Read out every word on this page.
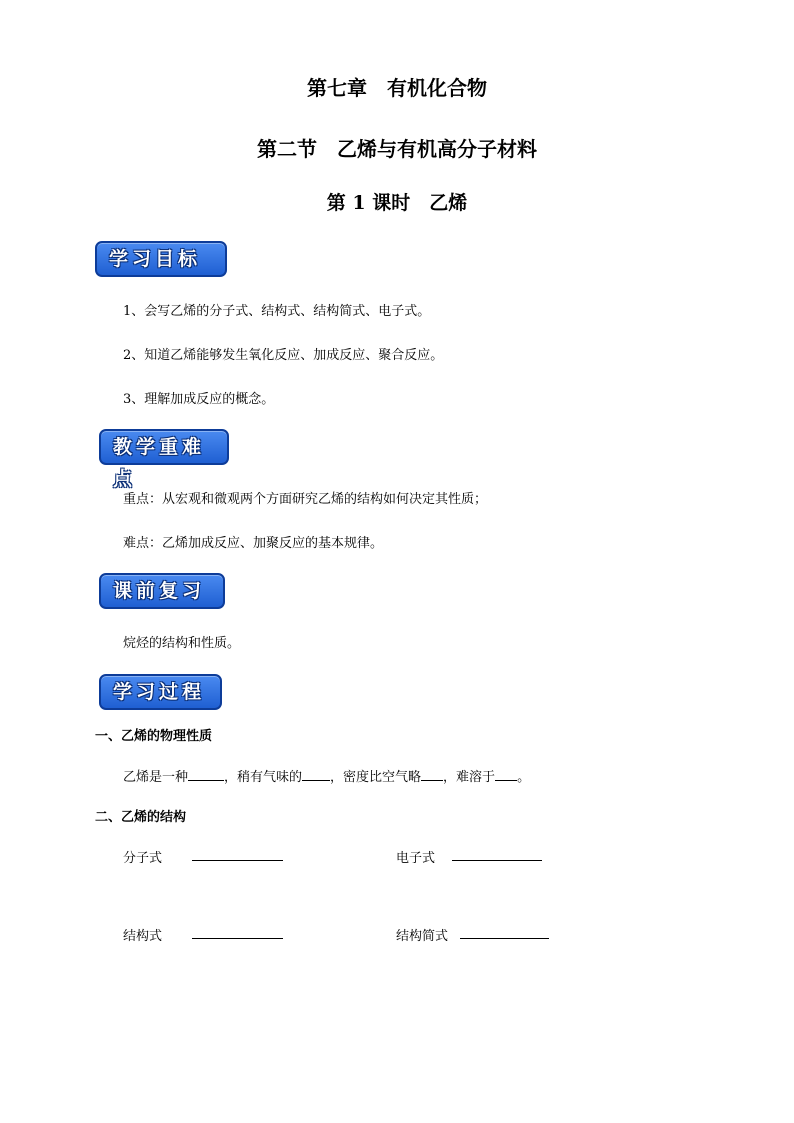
第七章　有机化合物
第二节　乙烯与有机高分子材料
第 1 课时　乙烯
学习目标
1、会写乙烯的分子式、结构式、结构简式、电子式。
2、知道乙烯能够发生氧化反应、加成反应、聚合反应。
3、理解加成反应的概念。
教学重难点
重点：从宏观和微观两个方面研究乙烯的结构如何决定其性质；
难点：乙烯加成反应、加聚反应的基本规律。
课前复习
烷烃的结构和性质。
学习过程
一、乙烯的物理性质
乙烯是一种	，稍有气味的 ，密度比空气略 ，难溶于 。
二、乙烯的结构
分子式	电子式
结构式	结构简式
